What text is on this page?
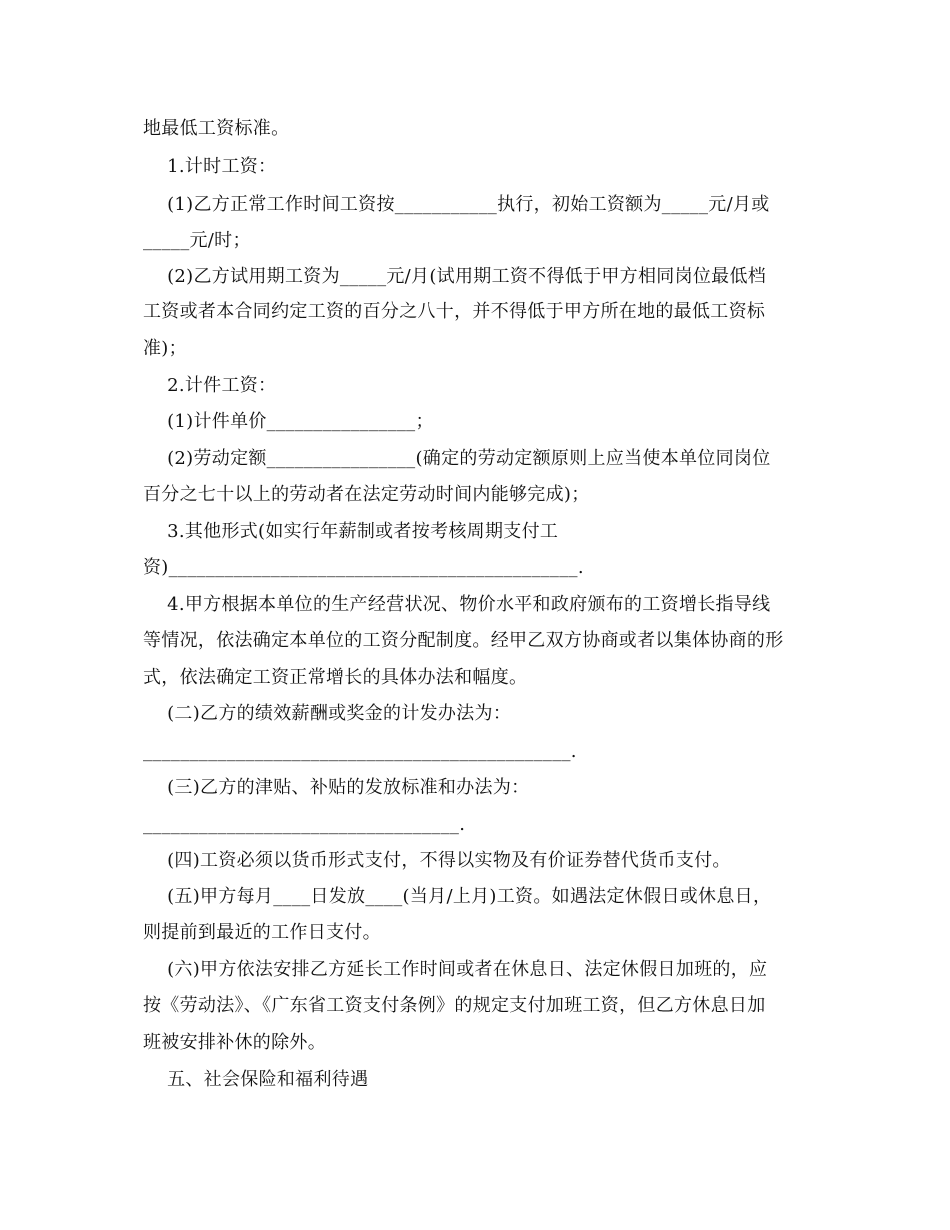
地最低工资标准。
1.计时工资：
(1)乙方正常工作时间工资按___________执行，初始工资额为_____元/月或
_____元/时；
(2)乙方试用期工资为_____元/月(试用期工资不得低于甲方相同岗位最低档
工资或者本合同约定工资的百分之八十，并不得低于甲方所在地的最低工资标
准)；
2.计件工资：
(1)计件单价________________；
(2)劳动定额________________(确定的劳动定额原则上应当使本单位同岗位
百分之七十以上的劳动者在法定劳动时间内能够完成)；
3.其他形式(如实行年薪制或者按考核周期支付工
资)____________________________________________.
4.甲方根据本单位的生产经营状况、物价水平和政府颁布的工资增长指导线
等情况，依法确定本单位的工资分配制度。经甲乙双方协商或者以集体协商的形
式，依法确定工资正常增长的具体办法和幅度。
(二)乙方的绩效薪酬或奖金的计发办法为：
______________________________________________.
(三)乙方的津贴、补贴的发放标准和办法为：
__________________________________.
(四)工资必须以货币形式支付，不得以实物及有价证券替代货币支付。
(五)甲方每月____日发放____(当月/上月)工资。如遇法定休假日或休息日，
则提前到最近的工作日支付。
(六)甲方依法安排乙方延长工作时间或者在休息日、法定休假日加班的，应
按《劳动法》、《广东省工资支付条例》的规定支付加班工资，但乙方休息日加
班被安排补休的除外。
五、社会保险和福利待遇
